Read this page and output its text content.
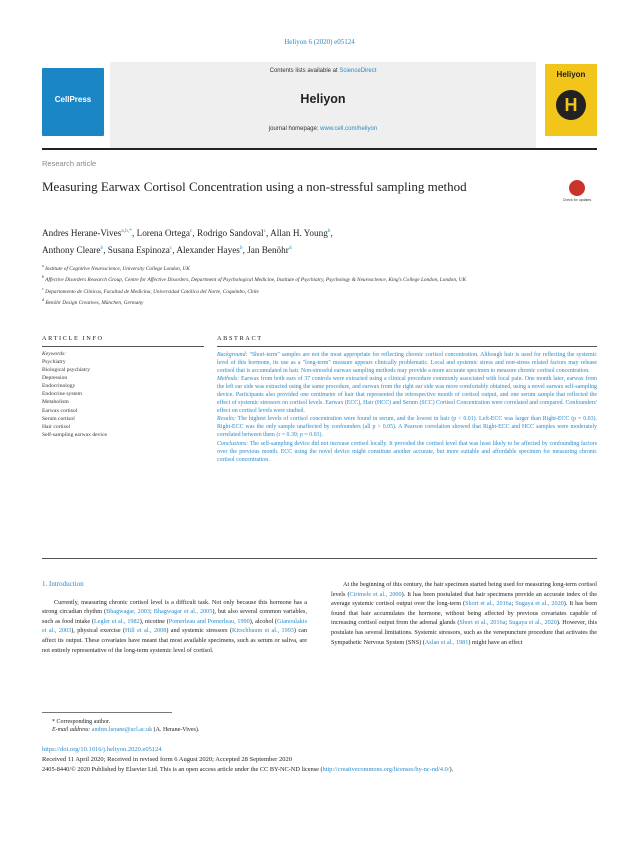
Heliyon 6 (2020) e05124
CellPress
Contents lists available at ScienceDirect
Heliyon
journal homepage: www.cell.com/heliyon
Heliyon
H
Research article
Measuring Earwax Cortisol Concentration using a non-stressful sampling method
Check for updates
Andres Herane-Vives$^{a,b,*}$, Lorena Ortega$^c$, Rodrigo Sandoval$^c$, Allan H. Young$^b$,
Anthony Cleare$^b$, Susana Espinoza$^c$, Alexander Hayes$^b$, Jan Benöhr$^d$
$^a$ Institute of Cognitive Neuroscience, University College London, UK
$^b$ Affective Disorders Research Group, Centre for Affective Disorders, Department of Psychological Medicine, Institute of Psychiatry, Psychology & Neuroscience, King's College London, London, UK
$^c$ Departamento de Clínicas, Facultad de Medicina, Universidad Católica del Norte, Coquimbo, Chile
$^d$ Benöhr Design Creatives, München, Germany
ARTICLE INFO	ABSTRACT
Keywords:
Psychiatry
Biological psychiatry
Depression
Endocrinology
Endocrine system
Metabolism
Earwax cortisol
Serum cortisol
Hair cortisol
Self-sampling earwax device

Background: "Short-term" samples are not the most appropriate for reflecting chronic cortisol concentration. Although hair is used for reflecting the systemic level of this hormone, its use as a "long-term" measure appears clinically problematic. Local and systemic stress and non-stress related factors may release cortisol that is accumulated in hair. Non-stressful earwax sampling methods may provide a more accurate specimen to measure chronic cortisol concentration.

Methods: Earwax from both ears of 37 controls were extracted using a clinical procedure commonly associated with local pain. One month later, earwax from the left ear side was extracted using the same procedure, and earwax from the right ear side was more comfortably obtained, using a novel earwax self-sampling device. Participants also provided one centimetre of hair that represented the retrospective month of cortisol output, and one serum sample that reflected the effect of systemic stressors on cortisol levels. Earwax (ECC), Hair (HCC) and Serum (SCC) Cortisol Concentration were correlated and compared. Confounders' effect on cortisol levels were studied.

Results: The highest levels of cortisol concentration were found in serum, and the lowest in hair (p < 0.01). Left-ECC was larger than Right-ECC (p = 0.03). Right-ECC was the only sample unaffected by confounders (all p > 0.05). A Pearson correlation showed that Right-ECC and HCC samples were moderately correlated between them (r = 0.39; p = 0.03).

Conclusions: The self-sampling device did not increase cortisol locally. It provided the cortisol level that was least likely to be affected by confounding factors over the previous month. ECC using the novel device might constitute another accurate, but more suitable and affordable specimen for measuring chronic cortisol concentration.

1. Introduction

Currently, measuring chronic cortisol level is a difficult task. Not only because this hormone has a strong circadian rhythm (Bhagwagar, 2003; Bhagwagar et al., 2005), but also several common variables, such as food intake (Legler et al., 1982), nicotine (Pomerleau and Pomerleau, 1990), alcohol (Gianoulakis et al., 2003), physical exercise (Hill et al., 2008) and systemic stressors (Kirschbaum et al., 1993) can affect its output. These covariates have meant that most available specimens, such as serum or saliva, are not entirely representative of the long-term systemic level of cortisol.

At the beginning of this century, the hair specimen started being used for measuring long-term cortisol levels (Cirimele et al., 2000). It has been postulated that hair specimens provide an accurate index of the average systemic cortisol output over the long-term (Short et al., 2016a; Sugaya et al., 2020). It has been found that hair accumulates the hormone, without being affected by previous covariates capable of increasing cortisol output from the adrenal glands (Short et al., 2016a; Sugaya et al., 2020). However, this postulate has several limitations. Systemic stressors, such as the venepuncture procedure that activates the Sympathetic Nervous System (SNS) (Aslan et al., 1981) might have an effect

* Corresponding author.
E-mail address: andres.herane@ucl.ac.uk (A. Herane-Vives).
https://doi.org/10.1016/j.heliyon.2020.e05124
Received 11 April 2020; Received in revised form 6 August 2020; Accepted 28 September 2020
2405-8440/© 2020 Published by Elsevier Ltd. This is an open access article under the CC BY-NC-ND license (http://creativecommons.org/licenses/by-nc-nd/4.0/).
